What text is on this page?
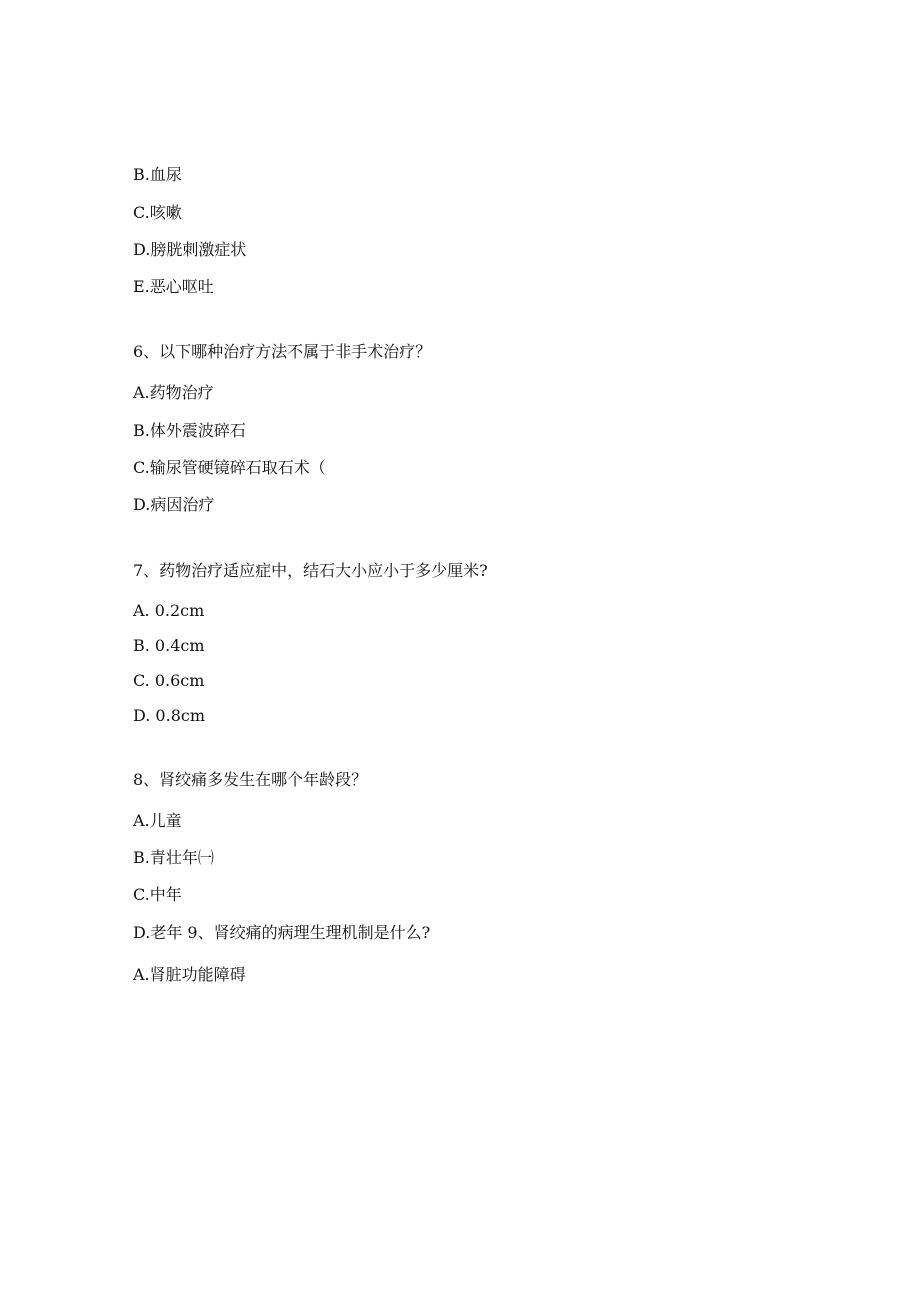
B.血尿
C.咳嗽
D.膀胱刺激症状
E.恶心呕吐
6、以下哪种治疗方法不属于非手术治疗？
A.药物治疗
B.体外震波碎石
C.输尿管硬镜碎石取石术（
D.病因治疗
7、药物治疗适应症中，结石大小应小于多少厘米?
A. 0.2cm
B. 0.4cm
C. 0.6cm
D. 0.8cm
8、肾绞痛多发生在哪个年龄段？
A.儿童
B.青壮年㈠
C.中年
D.老年 9、肾绞痛的病理生理机制是什么?
A.肾脏功能障碍
